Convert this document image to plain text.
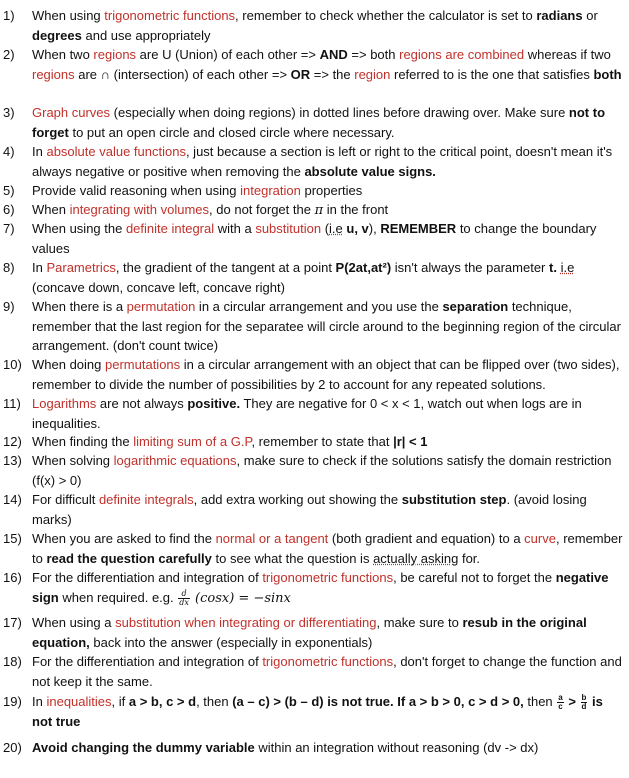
1)	When using trigonometric functions, remember to check whether the calculator is set to radians or degrees and use appropriately
2)	When two regions are U (Union) of each other => AND => both regions are combined whereas if two regions are ∩ (intersection) of each other => OR => the region referred to is the one that satisfies both
3)	Graph curves (especially when doing regions) in dotted lines before drawing over. Make sure not to forget to put an open circle and closed circle where necessary.
4)	In absolute value functions, just because a section is left or right to the critical point, doesn't mean it's always negative or positive when removing the absolute value signs.
5)	Provide valid reasoning when using integration properties
6)	When integrating with volumes, do not forget the π in the front
7)	When using the definite integral with a substitution (i.e u, v), REMEMBER to change the boundary values
8)	In Parametrics, the gradient of the tangent at a point P(2at,at²) isn't always the parameter t. i.e (concave down, concave left, concave right)
9)	When there is a permutation in a circular arrangement and you use the separation technique, remember that the last region for the separatee will circle around to the beginning region of the circular arrangement. (don't count twice)
10) When doing permutations in a circular arrangement with an object that can be flipped over (two sides), remember to divide the number of possibilities by 2 to account for any repeated solutions.
11) Logarithms are not always positive. They are negative for 0 < x < 1, watch out when logs are in inequalities.
12) When finding the limiting sum of a G.P, remember to state that |r| < 1
13) When solving logarithmic equations, make sure to check if the solutions satisfy the domain restriction (f(x) > 0)
14) For difficult definite integrals, add extra working out showing the substitution step. (avoid losing marks)
15) When you are asked to find the normal or a tangent (both gradient and equation) to a curve, remember to read the question carefully to see what the question is actually asking for.
16) For the differentiation and integration of trigonometric functions, be careful not to forget the negative sign when required. e.g. $\frac{d}{dx} (\cos x) = -\sin x$
17) When using a substitution when integrating or differentiating, make sure to resub in the original equation, back into the answer (especially in exponentials)
18) For the differentiation and integration of trigonometric functions, don't forget to change the function and not keep it the same.
19) In inequalities, if a > b, c > d, then (a – c) > (b – d) is not true. If a > b > 0, c > d > 0, then $\frac{a}{c} > \frac{b}{d}$ is not true
20) Avoid changing the dummy variable within an integration without reasoning (dv -> dx)
